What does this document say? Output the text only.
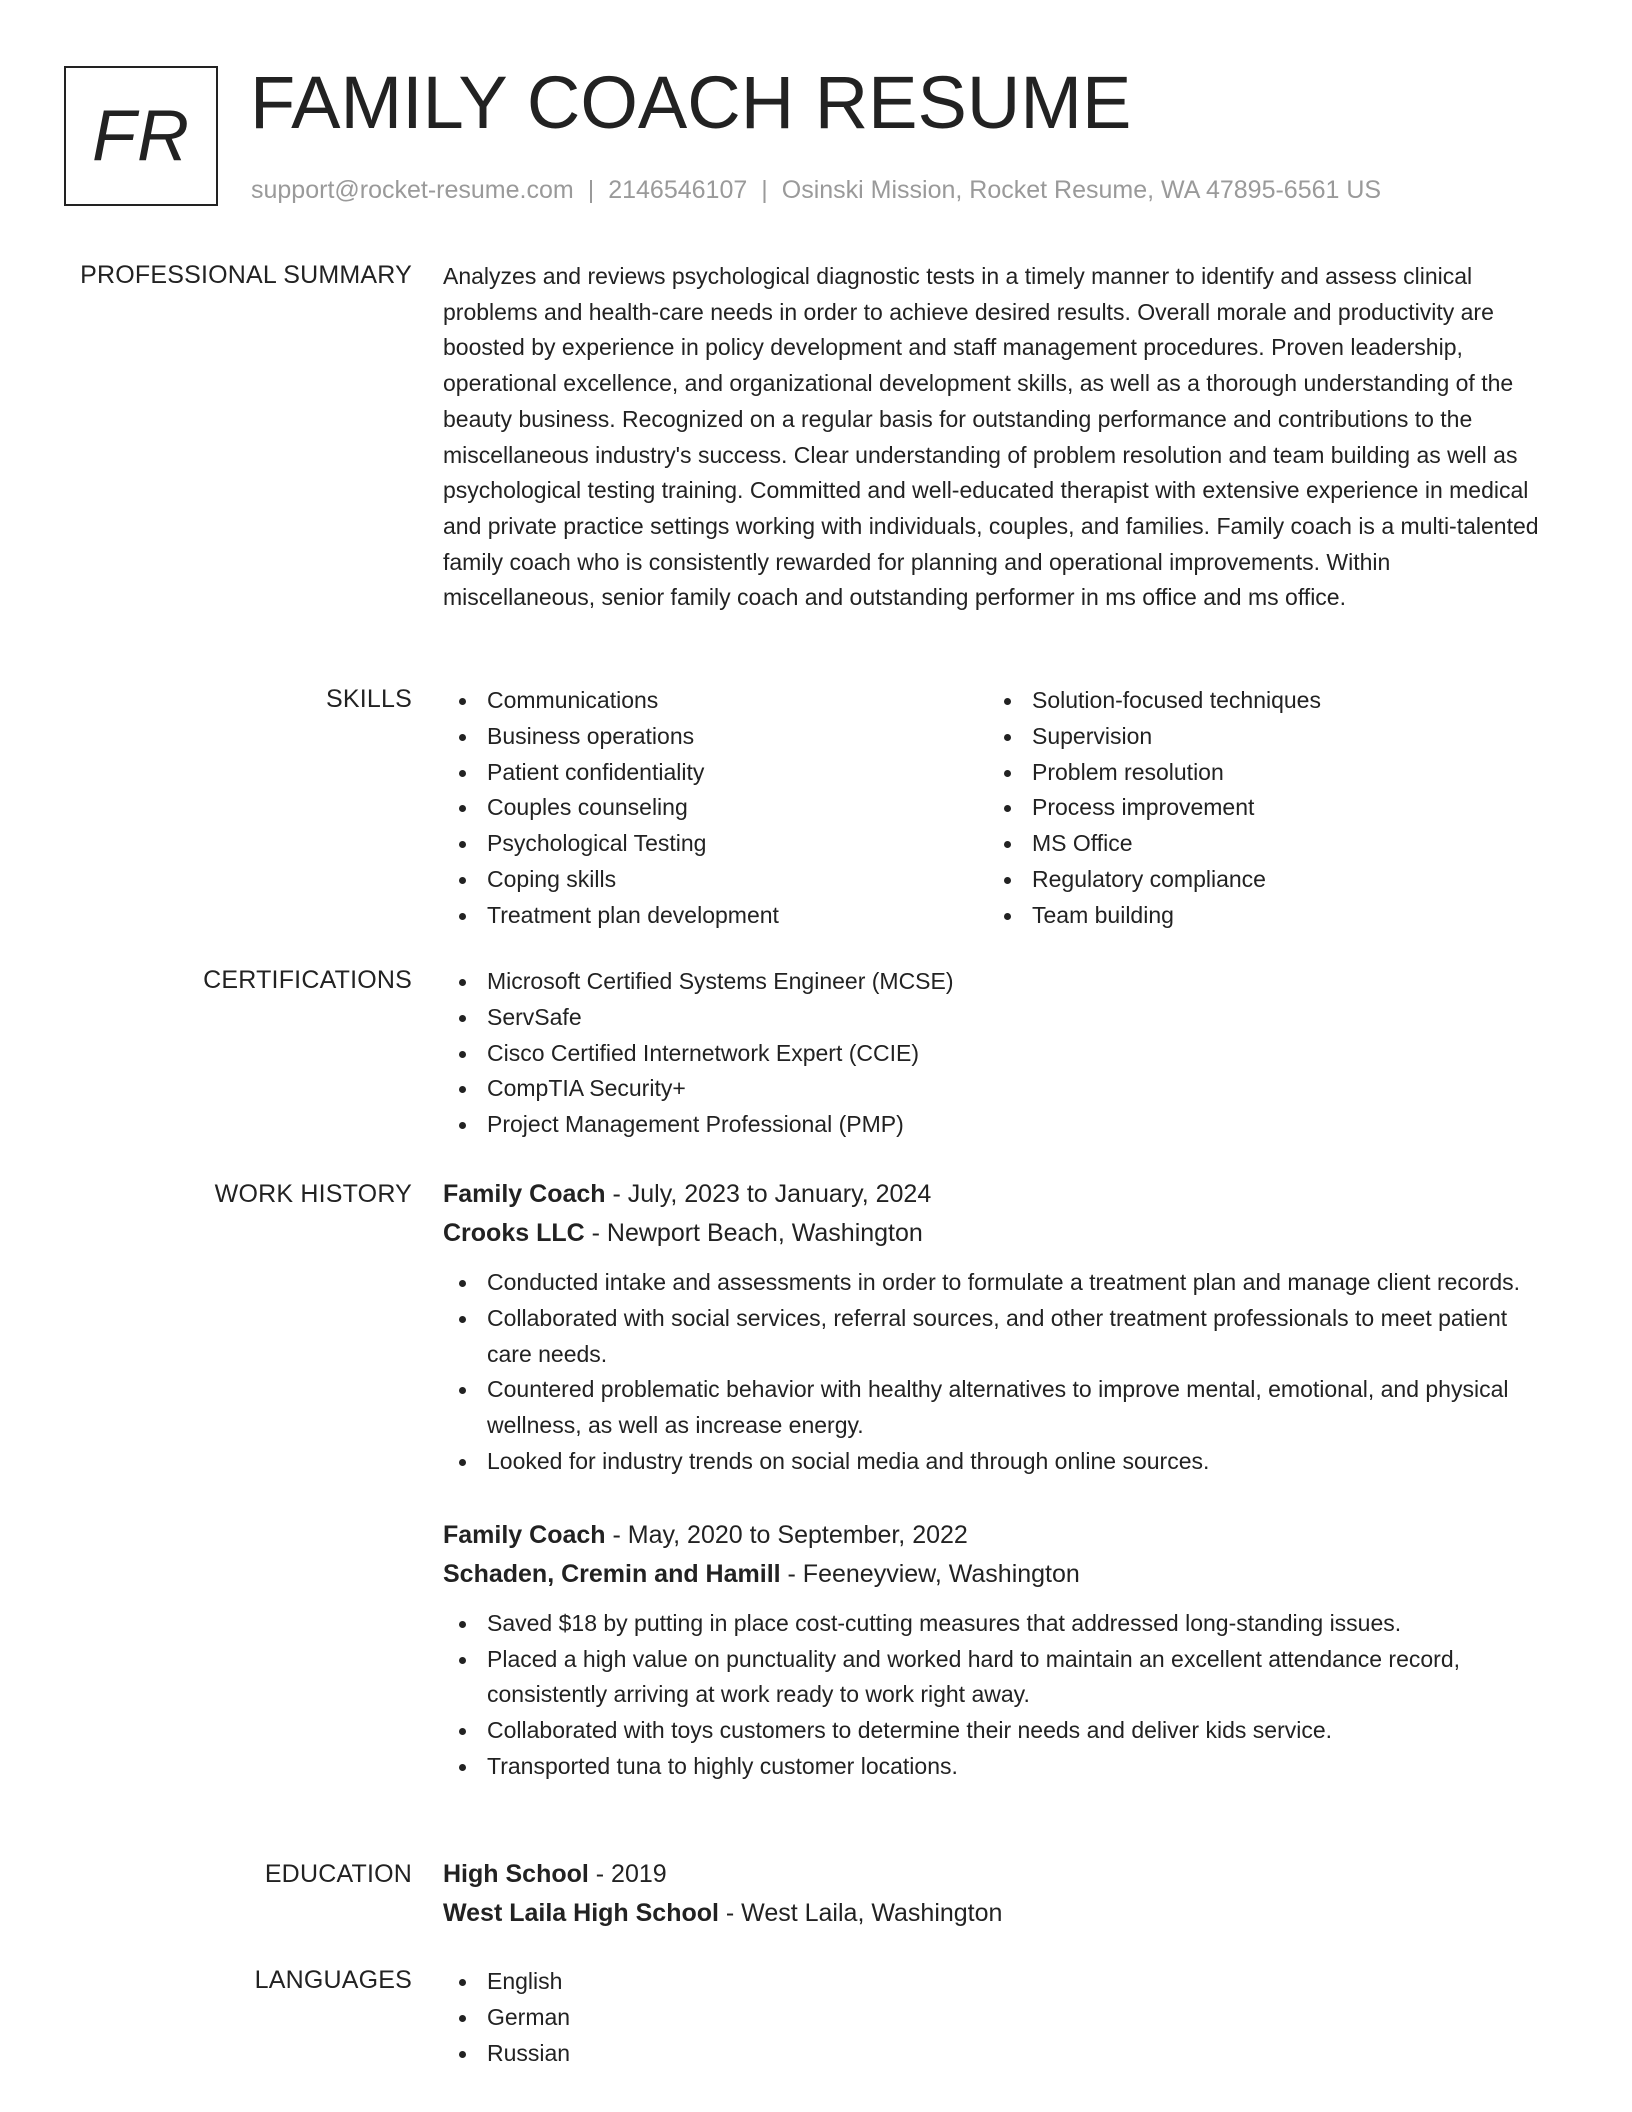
FR FAMILY COACH RESUME
support@rocket-resume.com | 2146546107 | Osinski Mission, Rocket Resume, WA 47895-6561 US
PROFESSIONAL SUMMARY Analyzes and reviews psychological diagnostic tests in a timely manner to identify and assess clinical problems and health-care needs in order to achieve desired results. Overall morale and productivity are boosted by experience in policy development and staff management procedures. Proven leadership, operational excellence, and organizational development skills, as well as a thorough understanding of the beauty business. Recognized on a regular basis for outstanding performance and contributions to the miscellaneous industry's success. Clear understanding of problem resolution and team building as well as psychological testing training. Committed and well-educated therapist with extensive experience in medical and private practice settings working with individuals, couples, and families. Family coach is a multi-talented family coach who is consistently rewarded for planning and operational improvements. Within miscellaneous, senior family coach and outstanding performer in ms office and ms office.

SKILLS	Communications
Business operations
Patient confidentiality
Couples counseling
Psychological Testing
Coping skills
Treatment plan development
Solution-focused techniques
Supervision
Problem resolution
Process improvement
MS Office
Regulatory compliance
Team building
CERTIFICATIONS	Microsoft Certified Systems Engineer (MCSE)
ServSafe
Cisco Certified Internetwork Expert (CCIE)
CompTIA Security+
Project Management Professional (PMP)
WORK HISTORY Family Coach - July, 2023 to January, 2024
Crooks LLC - Newport Beach, Washington
Conducted intake and assessments in order to formulate a treatment plan and manage client records.
Collaborated with social services, referral sources, and other treatment professionals to meet patient care needs.
Countered problematic behavior with healthy alternatives to improve mental, emotional, and physical wellness, as well as increase energy.
Looked for industry trends on social media and through online sources.
Family Coach - May, 2020 to September, 2022
Schaden, Cremin and Hamill - Feeneyview, Washington
Saved $18 by putting in place cost-cutting measures that addressed long-standing issues.
Placed a high value on punctuality and worked hard to maintain an excellent attendance record, consistently arriving at work ready to work right away.
Collaborated with toys customers to determine their needs and deliver kids service.
Transported tuna to highly customer locations.
EDUCATION High School - 2019
West Laila High School - West Laila, Washington
LANGUAGES	English
German
Russian
